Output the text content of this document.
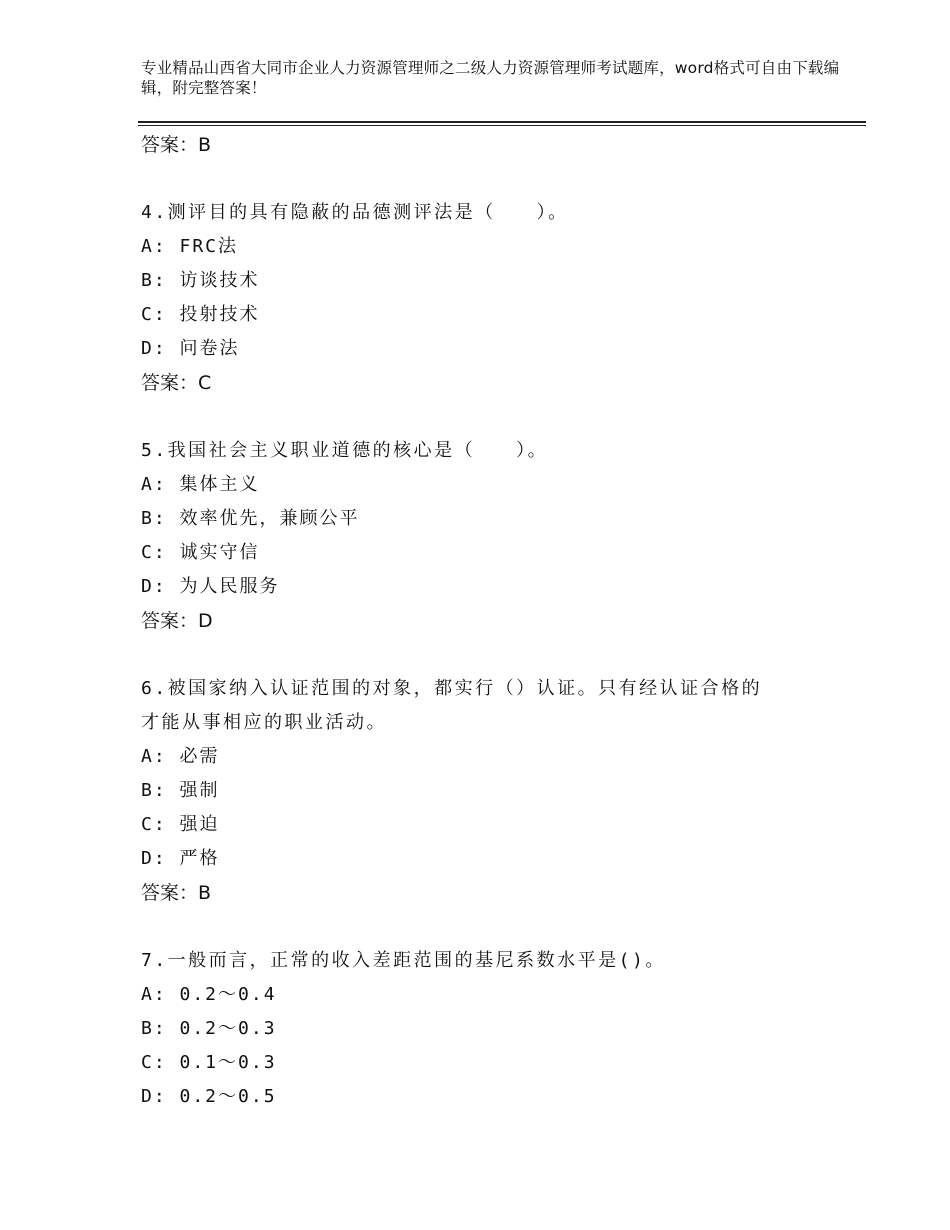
专业精品山西省大同市企业人力资源管理师之二级人力资源管理师考试题库，word格式可自由下载编辑，附完整答案！
答案：B
4.测评目的具有隐蔽的品德测评法是（　　）。
A: FRC法
B: 访谈技术
C: 投射技术
D: 问卷法
答案：C
5.我国社会主义职业道德的核心是（　　）。
A: 集体主义
B: 效率优先，兼顾公平
C: 诚实守信
D: 为人民服务
答案：D
6.被国家纳入认证范围的对象，都实行（）认证。只有经认证合格的
才能从事相应的职业活动。
A: 必需
B: 强制
C: 强迫
D: 严格
答案：B
7.一般而言，正常的收入差距范围的基尼系数水平是()。
A: 0.2～0.4
B: 0.2～0.3
C: 0.1～0.3
D: 0.2～0.5
